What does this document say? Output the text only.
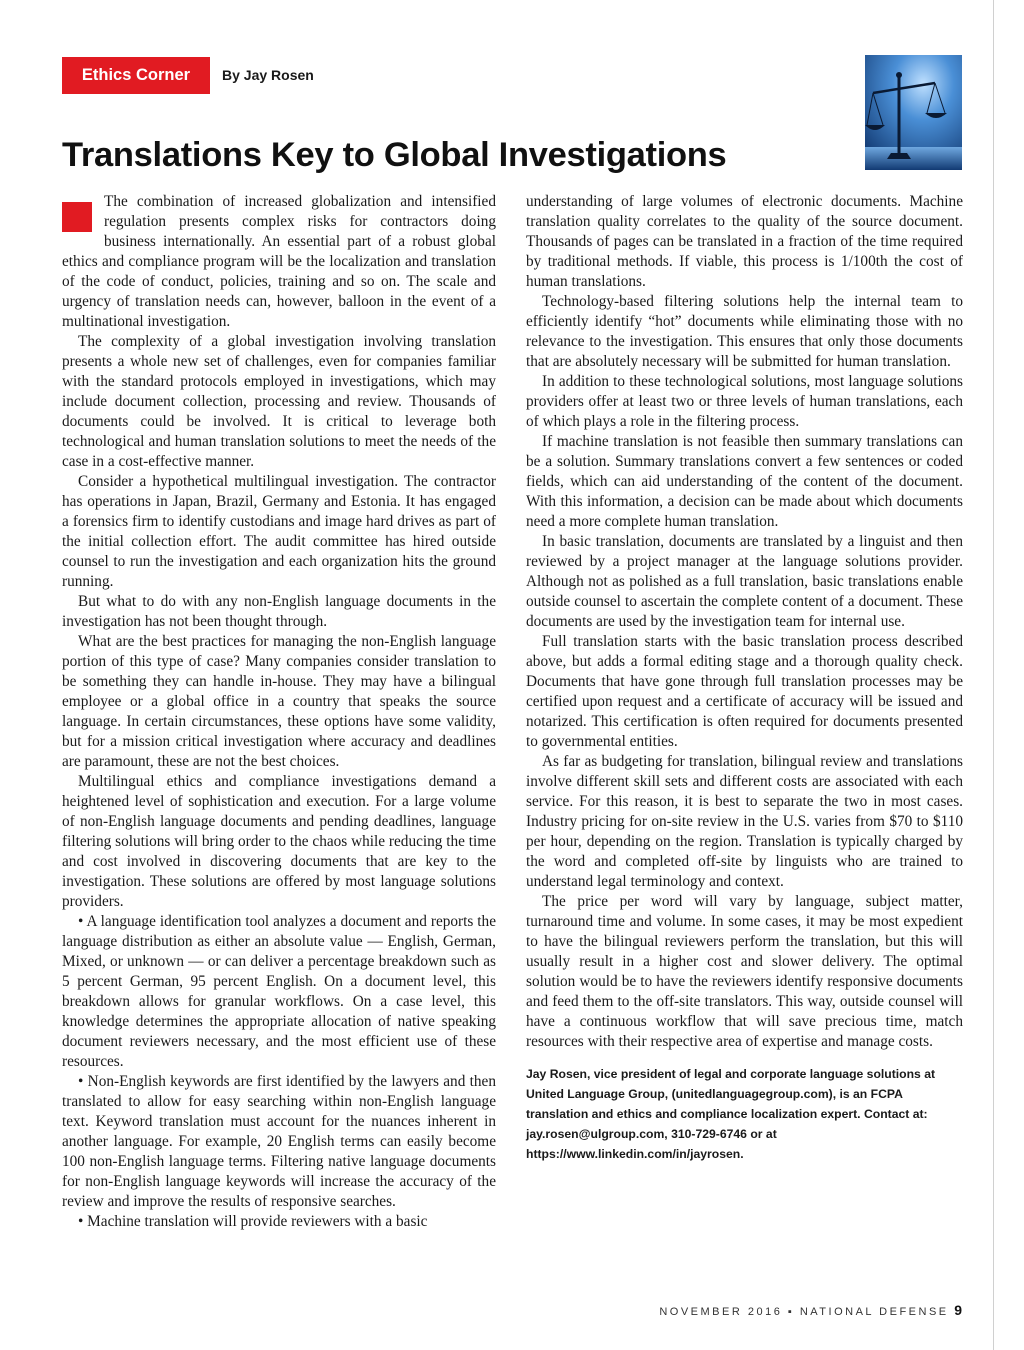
Ethics Corner	By Jay Rosen
Translations Key to Global Investigations

The combination of increased globalization and intensified regulation presents complex risks for contractors doing business internationally. An essential part of a robust global ethics and compliance program will be the localization and translation of the code of conduct, policies, training and so on. The scale and urgency of translation needs can, however, balloon in the event of a multinational investigation.

The complexity of a global investigation involving translation presents a whole new set of challenges, even for companies familiar with the standard protocols employed in investigations, which may include document collection, processing and review. Thousands of documents could be involved. It is critical to leverage both technological and human translation solutions to meet the needs of the case in a cost-effective manner.

Consider a hypothetical multilingual investigation. The contractor has operations in Japan, Brazil, Germany and Estonia. It has engaged a forensics firm to identify custodians and image hard drives as part of the initial collection effort. The audit committee has hired outside counsel to run the investigation and each organization hits the ground running.

But what to do with any non-English language documents in the investigation has not been thought through.

What are the best practices for managing the non-English language portion of this type of case? Many companies consider translation to be something they can handle in-house. They may have a bilingual employee or a global office in a country that speaks the source language. In certain circumstances, these options have some validity, but for a mission critical investigation where accuracy and deadlines are paramount, these are not the best choices.

Multilingual ethics and compliance investigations demand a heightened level of sophistication and execution. For a large volume of non-English language documents and pending deadlines, language filtering solutions will bring order to the chaos while reducing the time and cost involved in discovering documents that are key to the investigation. These solutions are offered by most language solutions providers.

• A language identification tool analyzes a document and reports the language distribution as either an absolute value — English, German, Mixed, or unknown — or can deliver a percentage breakdown such as 5 percent German, 95 percent English. On a document level, this breakdown allows for granular workflows. On a case level, this knowledge determines the appropriate allocation of native speaking document reviewers necessary, and the most efficient use of these resources.

• Non-English keywords are first identified by the lawyers and then translated to allow for easy searching within non-English language text. Keyword translation must account for the nuances inherent in another language. For example, 20 English terms can easily become 100 non-English language terms. Filtering native language documents for non-English language keywords will increase the accuracy of the review and improve the results of responsive searches.

• Machine translation will provide reviewers with a basic

understanding of large volumes of electronic documents. Machine translation quality correlates to the quality of the source document. Thousands of pages can be translated in a fraction of the time required by traditional methods. If viable, this process is 1/100th the cost of human translations.

Technology-based filtering solutions help the internal team to efficiently identify “hot” documents while eliminating those with no relevance to the investigation. This ensures that only those documents that are absolutely necessary will be submitted for human translation.

In addition to these technological solutions, most language solutions providers offer at least two or three levels of human translations, each of which plays a role in the filtering process.

If machine translation is not feasible then summary translations can be a solution. Summary translations convert a few sentences or coded fields, which can aid understanding of the content of the document. With this information, a decision can be made about which documents need a more complete human translation.

In basic translation, documents are translated by a linguist and then reviewed by a project manager at the language solutions provider. Although not as polished as a full translation, basic translations enable outside counsel to ascertain the complete content of a document. These documents are used by the investigation team for internal use.

Full translation starts with the basic translation process described above, but adds a formal editing stage and a thorough quality check. Documents that have gone through full translation processes may be certified upon request and a certificate of accuracy will be issued and notarized. This certification is often required for documents presented to governmental entities.

As far as budgeting for translation, bilingual review and translations involve different skill sets and different costs are associated with each service. For this reason, it is best to separate the two in most cases. Industry pricing for on-site review in the U.S. varies from $70 to $110 per hour, depending on the region. Translation is typically charged by the word and completed off-site by linguists who are trained to understand legal terminology and context.

The price per word will vary by language, subject matter, turnaround time and volume. In some cases, it may be most expedient to have the bilingual reviewers perform the translation, but this will usually result in a higher cost and slower delivery. The optimal solution would be to have the reviewers identify responsive documents and feed them to the off-site translators. This way, outside counsel will have a continuous workflow that will save precious time, match resources with their respective area of expertise and manage costs.

Jay Rosen, vice president of legal and corporate language solutions at United Language Group, (unitedlanguagegroup.com), is an FCPA translation and ethics and compliance localization expert. Contact at: jay.rosen@ulgroup.com, 310-729-6746 or at https://www.linkedin.com/in/jayrosen.

NOVEMBER 2016 ▪ NATIONAL DEFENSE 9
